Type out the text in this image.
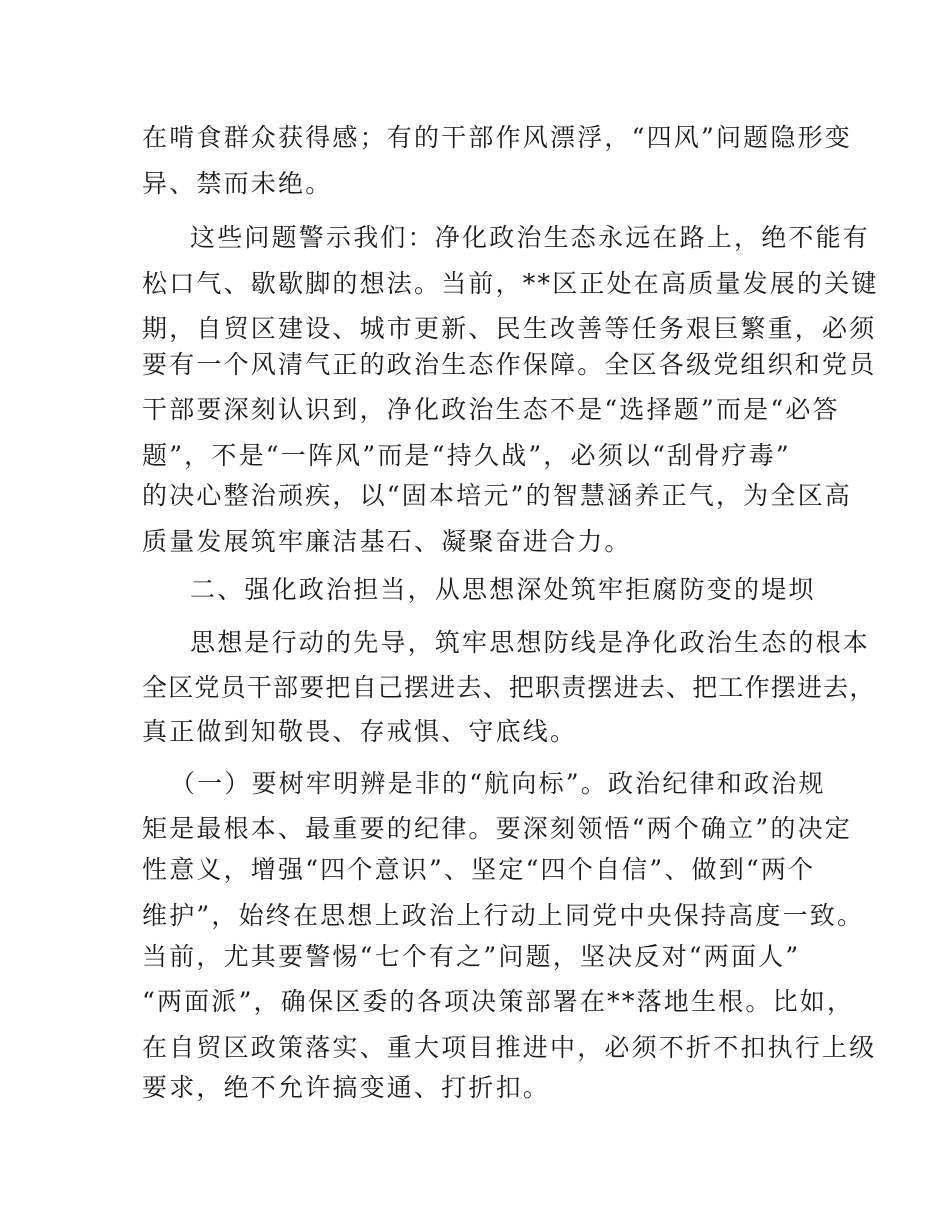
在啃食群众获得感；有的干部作风漂浮，“四风”问题隐形变

异、禁而未绝。

这些问题警示我们：净化政治生态永远在路上，绝不能有

松口气、歇歇脚的想法。当前，**区正处在高质量发展的关键

期，自贸区建设、城市更新、民生改善等任务艰巨繁重，必须

要有一个风清气正的政治生态作保障。全区各级党组织和党员

干部要深刻认识到，净化政治生态不是“选择题”而是“必答

题”，不是“一阵风”而是“持久战”，必须以“刮骨疗毒”

的决心整治顽疾，以“固本培元”的智慧涵养正气，为全区高

质量发展筑牢廉洁基石、凝聚奋进合力。

二、强化政治担当，从思想深处筑牢拒腐防变的堤坝

思想是行动的先导，筑牢思想防线是净化政治生态的根本

全区党员干部要把自己摆进去、把职责摆进去、把工作摆进去，

真正做到知敬畏、存戒惧、守底线。

（一）要树牢明辨是非的“航向标”。政治纪律和政治规

矩是最根本、最重要的纪律。要深刻领悟“两个确立”的决定

性意义，增强“四个意识”、坚定“四个自信”、做到“两个

维护”，始终在思想上政治上行动上同党中央保持高度一致。

当前，尤其要警惕“七个有之”问题，坚决反对“两面人”

“两面派”，确保区委的各项决策部署在**落地生根。比如，

在自贸区政策落实、重大项目推进中，必须不折不扣执行上级

要求，绝不允许搞变通、打折扣。
